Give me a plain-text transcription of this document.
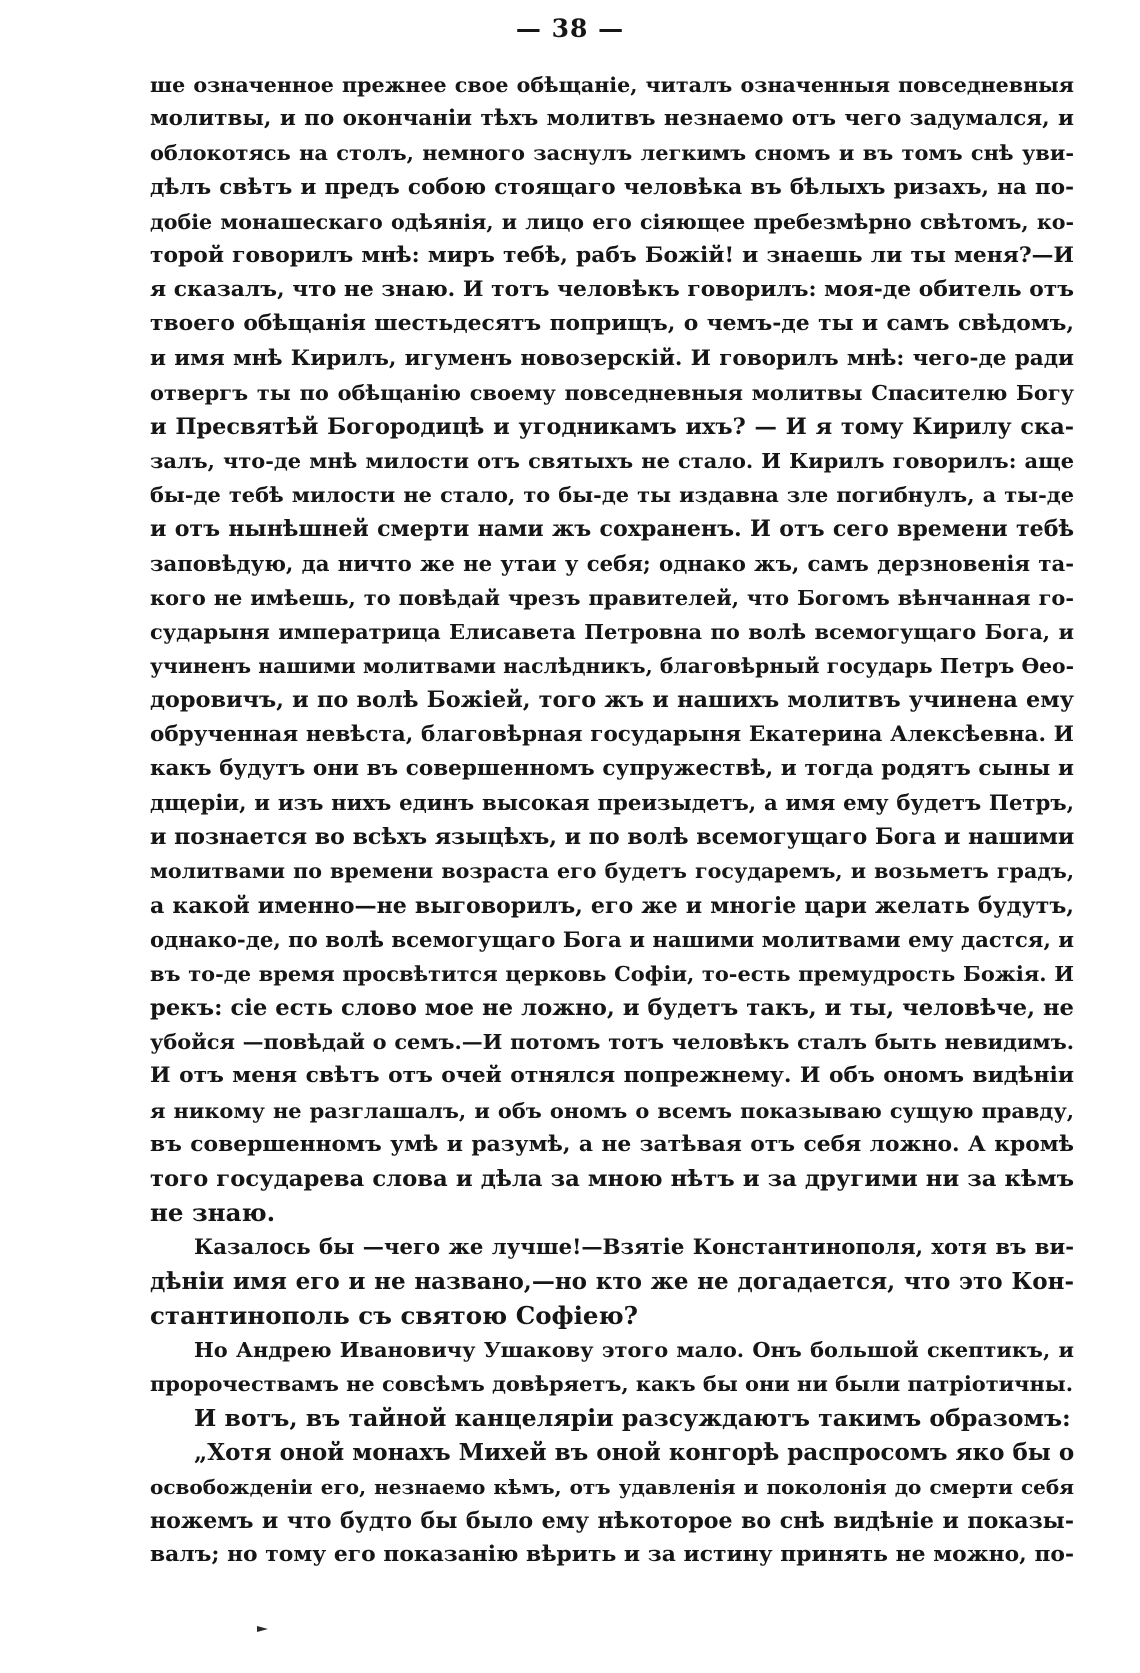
— 38 —
ше означенное прежнее свое обѣщаніе, читалъ означенныя повседневныя
молитвы, и по окончаніи тѣхъ молитвъ незнаемо отъ чего задумался, и
облокотясь на столъ, немного заснулъ легкимъ сномъ и въ томъ снѣ уви-
дѣлъ свѣтъ и предъ собою стоящаго человѣка въ бѣлыхъ ризахъ, на по-
добіе монашескаго одѣянія, и лицо его сіяющее пребезмѣрно свѣтомъ, ко-
торой говорилъ мнѣ: миръ тебѣ, рабъ Божій! и знаешь ли ты меня?—И
я сказалъ, что не знаю. И тотъ человѣкъ говорилъ: моя-де обитель отъ
твоего обѣщанія шестьдесятъ поприщъ, о чемъ-де ты и самъ свѣдомъ,
и имя мнѣ Кирилъ, игуменъ новозерскій. И говорилъ мнѣ: чего-де ради
отвергъ ты по обѣщанію своему повседневныя молитвы Спасителю Богу
и Пресвятѣй Богородицѣ и угодникамъ ихъ? — И я тому Кирилу ска-
залъ, что-де мнѣ милости отъ святыхъ не стало. И Кирилъ говорилъ: аще
бы-де тебѣ милости не стало, то бы-де ты издавна зле погибнулъ, а ты-де
и отъ нынѣшней смерти нами жъ сохраненъ. И отъ сего времени тебѣ
заповѣдую, да ничто же не утаи у себя; однако жъ, самъ дерзновенія та-
кого не имѣешь, то повѣдай чрезъ правителей, что Богомъ вѣнчанная го-
сударыня императрица Елисавета Петровна по волѣ всемогущаго Бога, и
учиненъ нашими молитвами наслѣдникъ, благовѣрный государь Петръ Ѳео-
доровичъ, и по волѣ Божіей, того жъ и нашихъ молитвъ учинена ему
обрученная невѣста, благовѣрная государыня Екатерина Алексѣевна. И
какъ будутъ они въ совершенномъ супружествѣ, и тогда родятъ сыны и
дщеріи, и изъ нихъ единъ высокая преизыдетъ, а имя ему будетъ Петръ,
и познается во всѣхъ языцѣхъ, и по волѣ всемогущаго Бога и нашими
молитвами по времени возраста его будетъ государемъ, и возьметъ градъ,
а какой именно—не выговорилъ, его же и многіе цари желать будутъ,
однако-де, по волѣ всемогущаго Бога и нашими молитвами ему дастся, и
въ то-де время просвѣтится церковь Софіи, то-есть премудрость Божія. И
рекъ: сіе есть слово мое не ложно, и будетъ такъ, и ты, человѣче, не
убойся —повѣдай о семъ.—И потомъ тотъ человѣкъ сталъ быть невидимъ.
И отъ меня свѣтъ отъ очей отнялся попрежнему. И объ ономъ видѣніи
я никому не разглашалъ, и объ ономъ о всемъ показываю сущую правду,
въ совершенномъ умѣ и разумѣ, а не затѣвая отъ себя ложно. А кромѣ
того государева слова и дѣла за мною нѣтъ и за другими ни за кѣмъ
не знаю.
Казалось бы —чего же лучше!—Взятіе Константинополя, хотя въ ви-
дѣніи имя его и не названо,—но кто же не догадается, что это Кон-
стантинополь съ святою Софіею?
Но Андрею Ивановичу Ушакову этого мало. Онъ большой скептикъ, и
пророчествамъ не совсѣмъ довѣряетъ, какъ бы они ни были патріотичны.
И вотъ, въ тайной канцеляріи разсуждаютъ такимъ образомъ:
„Хотя оной монахъ Михей въ оной конгорѣ распросомъ яко бы о
освобожденіи его, незнаемо кѣмъ, отъ удавленія и поколонія до смерти себя
ножемъ и что будто бы было ему нѣкоторое во снѣ видѣніе и показы-
валъ; но тому его показанію вѣрить и за истину принять не можно, по-
